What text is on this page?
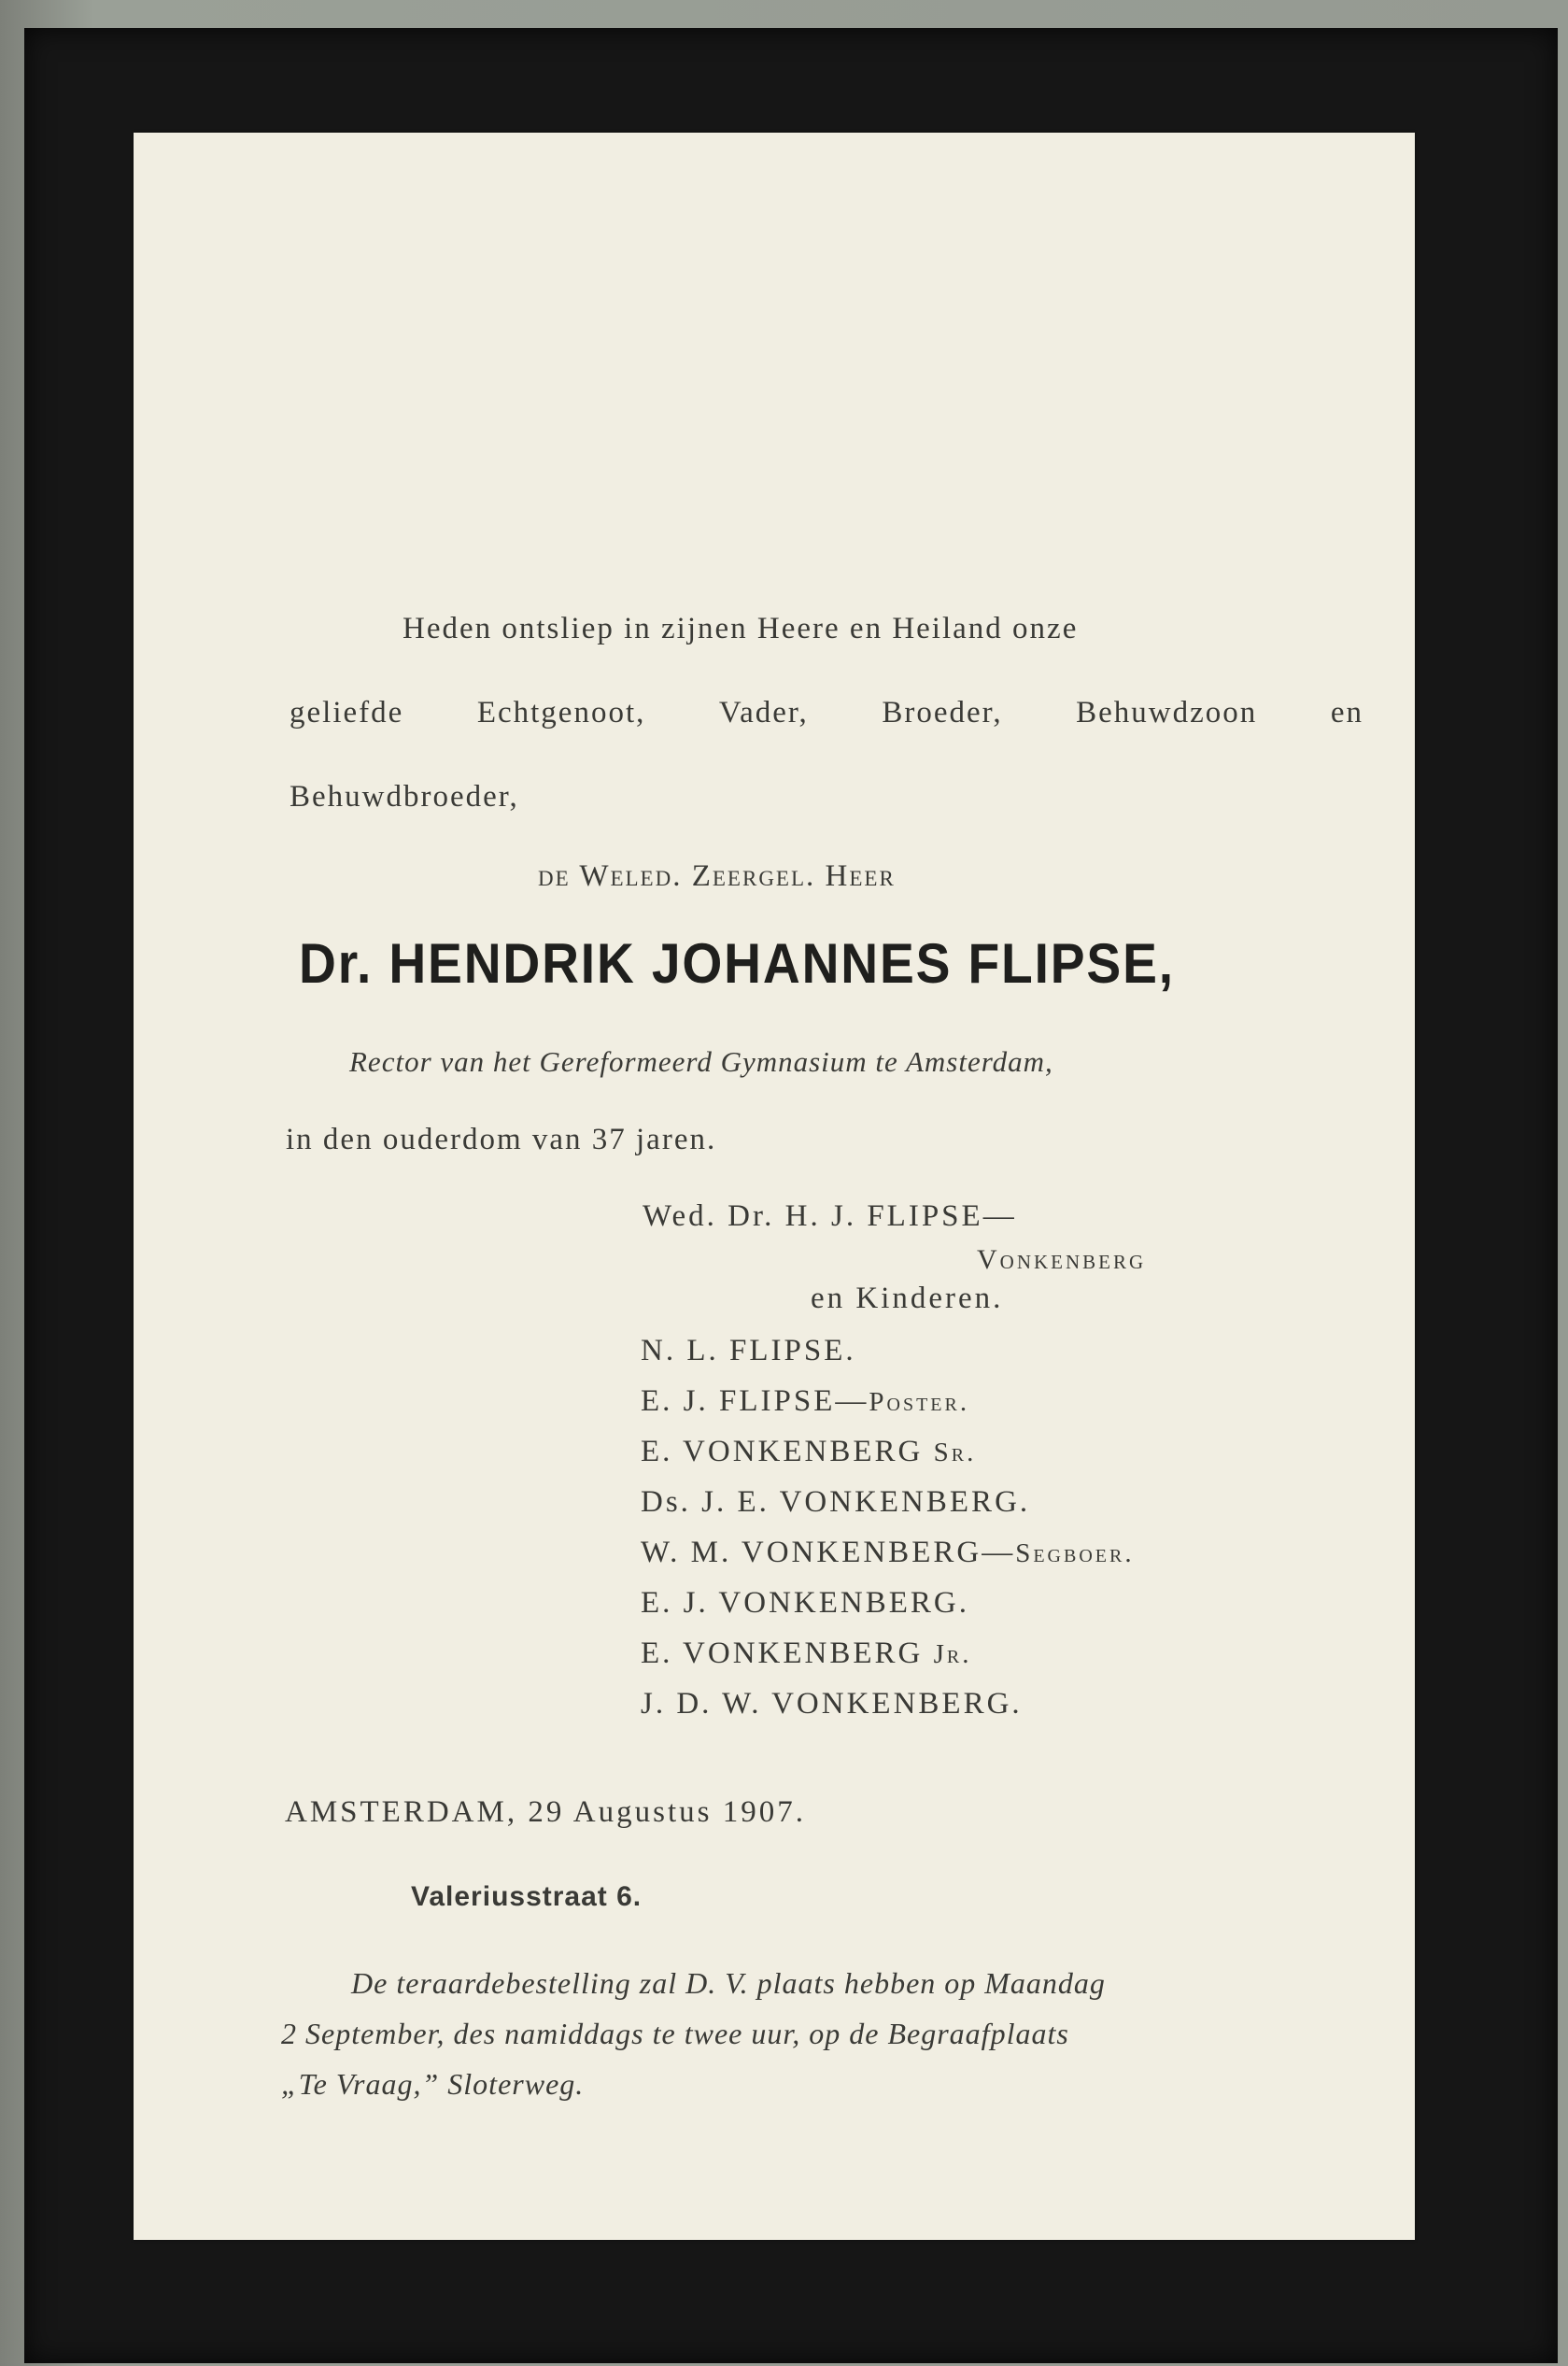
Heden ontsliep in zijnen Heere en Heiland onze
geliefde Echtgenoot, Vader, Broeder, Behuwdzoon en
Behuwdbroeder,
de Weled. Zeergel. Heer
Dr. HENDRIK JOHANNES FLIPSE,
Rector van het Gereformeerd Gymnasium te Amsterdam,
in den ouderdom van 37 jaren.
Wed. Dr. H. J. FLIPSE—
Vonkenberg
en Kinderen.
N. L. FLIPSE.
E. J. FLIPSE—Poster.
E. VONKENBERG Sr.
Ds. J. E. VONKENBERG.
W. M. VONKENBERG—Segboer.
E. J. VONKENBERG.
E. VONKENBERG Jr.
J. D. W. VONKENBERG.
AMSTERDAM, 29 Augustus 1907.
Valeriusstraat 6.
De teraardebestelling zal D. V. plaats hebben op Maandag
2 September, des namiddags te twee uur, op de Begraafplaats
„Te Vraag,” Sloterweg.
